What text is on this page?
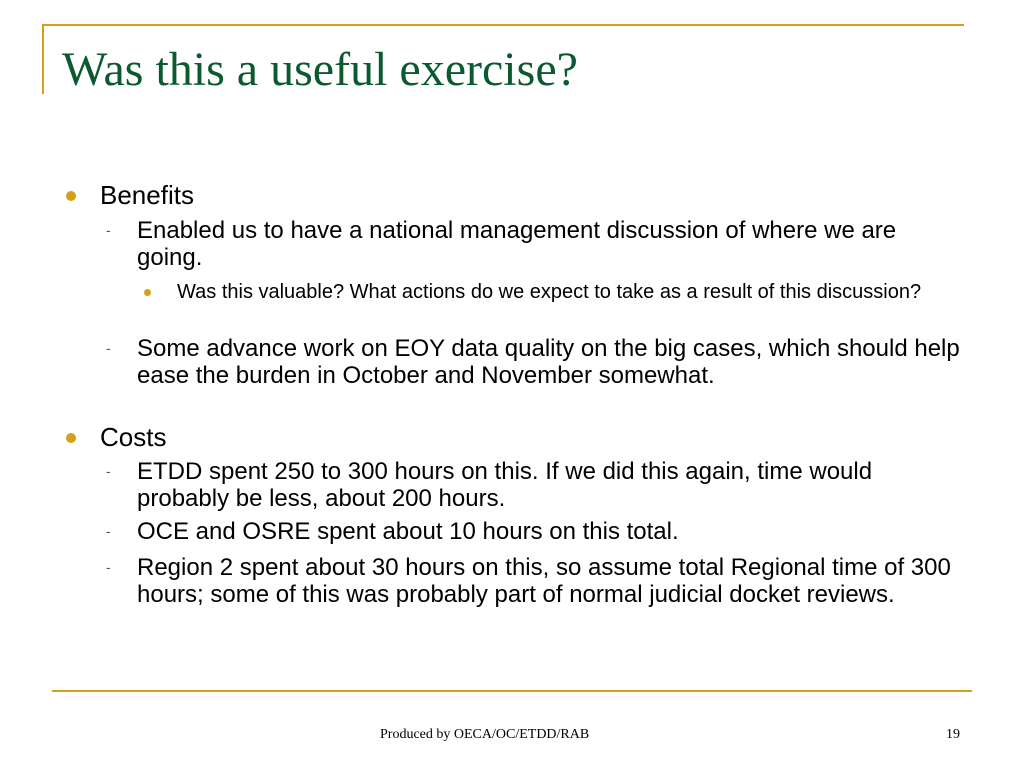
Was this a useful exercise?

Benefits

- Enabled us to have a national management discussion of where we are going.

Was this valuable? What actions do we expect to take as a result of this discussion?

- Some advance work on EOY data quality on the big cases, which should help ease the burden in October and November somewhat.

Costs

- ETDD spent 250 to 300 hours on this. If we did this again, time would probably be less, about 200 hours.

- OCE and OSRE spent about 10 hours on this total.

- Region 2 spent about 30 hours on this, so assume total Regional time of 300 hours; some of this was probably part of normal judicial docket reviews.

Produced by OECA/OC/ETDD/RAB	19
